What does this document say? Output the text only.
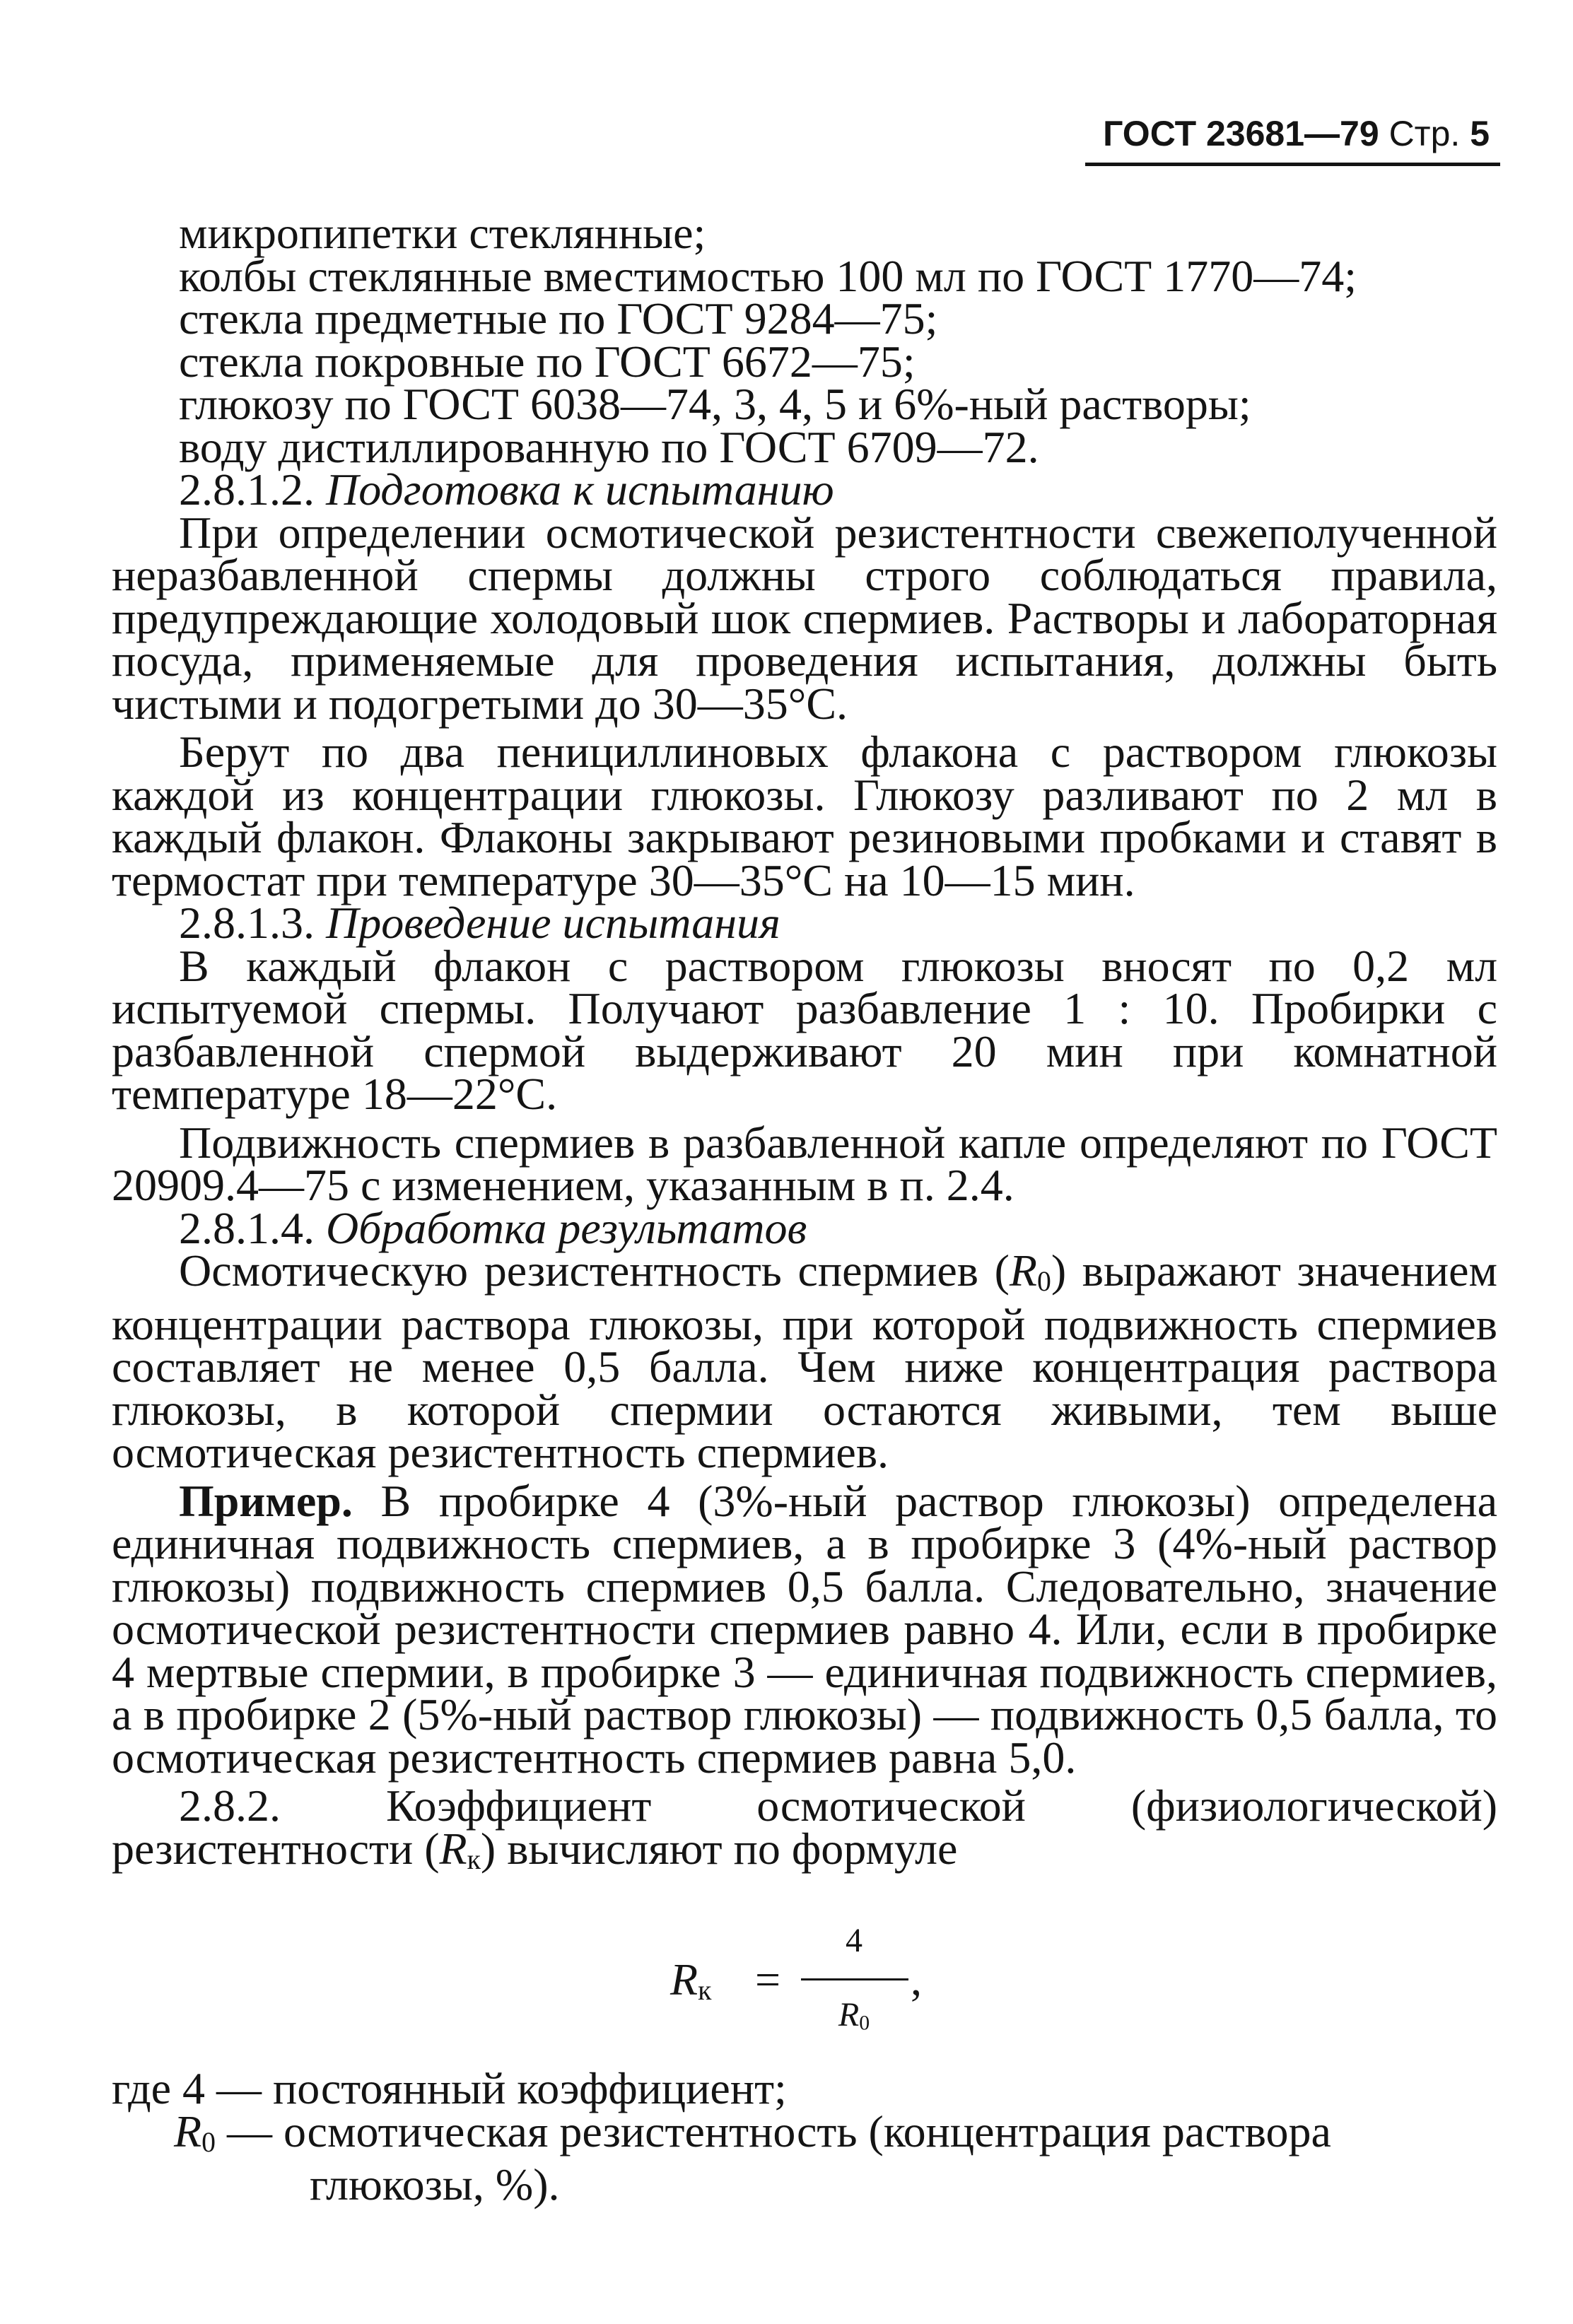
ГОСТ 23681—79 Стр. 5

микропипетки стеклянные;

колбы стеклянные вместимостью 100 мл по ГОСТ 1770—74;

стекла предметные по ГОСТ 9284—75;

стекла покровные по ГОСТ 6672—75;

глюкозу по ГОСТ 6038—74, 3, 4, 5 и 6%-ный растворы;

воду дистиллированную по ГОСТ 6709—72.

2.8.1.2. Подготовка к испытанию

При определении осмотической резистентности свежеполученной неразбавленной спермы должны строго соблюдаться правила, предупреждающие холодовый шок спермиев. Растворы и лабораторная посуда, применяемые для проведения испытания, должны быть чистыми и подогретыми до 30—35°С.

Берут по два пенициллиновых флакона с раствором глюкозы каждой из концентрации глюкозы. Глюкозу разливают по 2 мл в каждый флакон. Флаконы закрывают резиновыми пробками и ставят в термостат при температуре 30—35°С на 10—15 мин.

2.8.1.3. Проведение испытания

В каждый флакон с раствором глюкозы вносят по 0,2 мл испытуемой спермы. Получают разбавление 1 : 10. Пробирки с разбавленной спермой выдерживают 20 мин при комнатной температуре 18—22°С.

Подвижность спермиев в разбавленной капле определяют по ГОСТ 20909.4—75 с изменением, указанным в п. 2.4.

2.8.1.4. Обработка результатов

Осмотическую резистентность спермиев (R0) выражают значением концентрации раствора глюкозы, при которой подвижность спермиев составляет не менее 0,5 балла. Чем ниже концентрация раствора глюкозы, в которой спермии остаются живыми, тем выше осмотическая резистентность спермиев.

Пример. В пробирке 4 (3%-ный раствор глюкозы) определена единичная подвижность спермиев, а в пробирке 3 (4%-ный раствор глюкозы) подвижность спермиев 0,5 балла. Следовательно, значение осмотической резистентности спермиев равно 4. Или, если в пробирке 4 мертвые спермии, в пробирке 3 — единичная подвижность спермиев, а в пробирке 2 (5%-ный раствор глюкозы) — подвижность 0,5 балла, то осмотическая резистентность спермиев равна 5,0.

2.8.2. Коэффициент осмотической (физиологической) резистентности (Rк) вычисляют по формуле

Rк =
4
R0
,

где 4 — постоянный коэффициент;

R0 — осмотическая резистентность (концентрация раствора

глюкозы, %).
